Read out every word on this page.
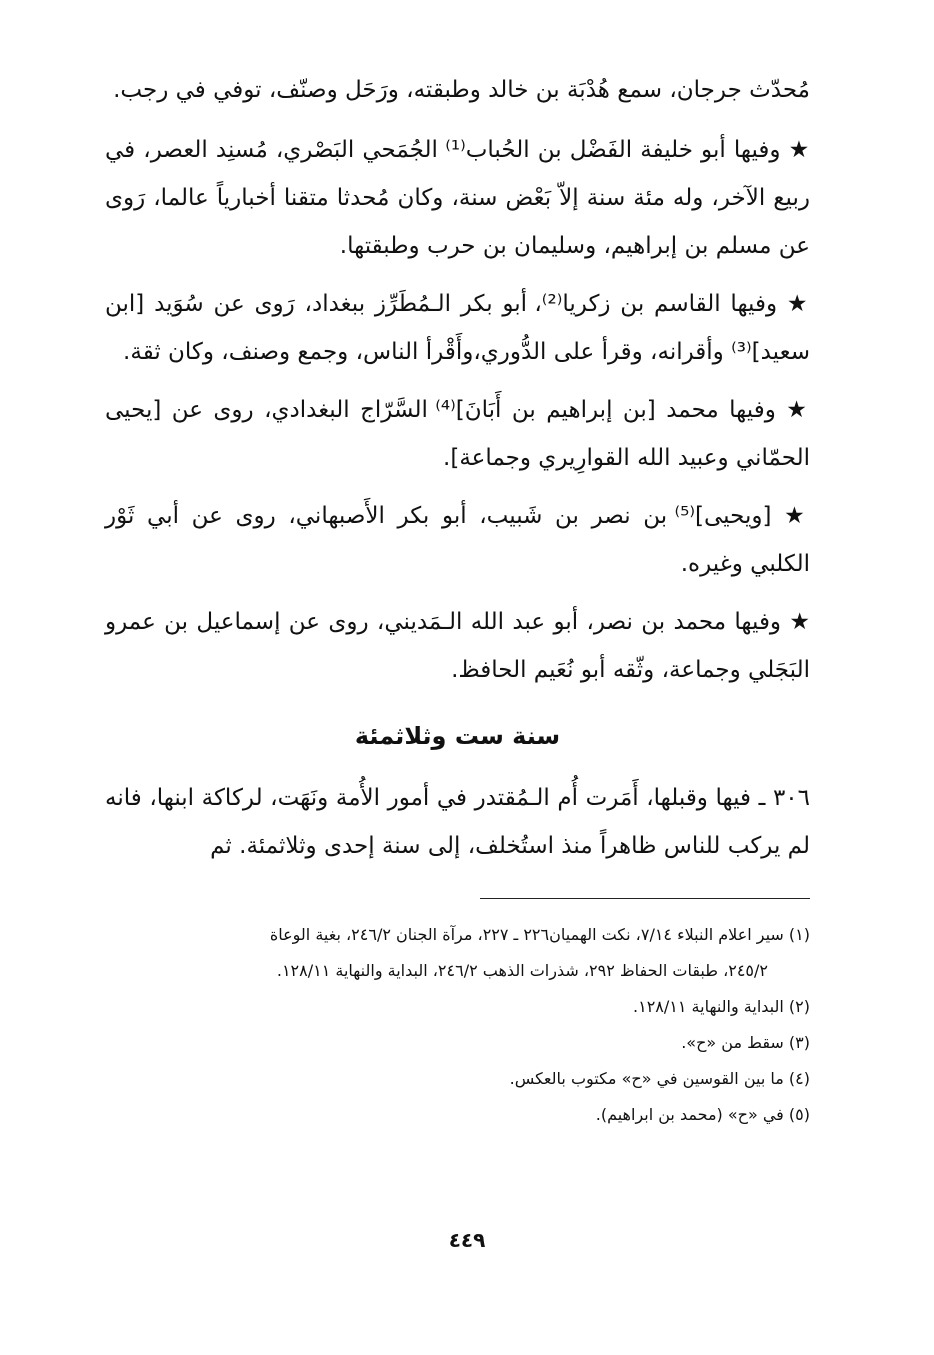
مُحدّث جرجان، سمع هُدْبَة بن خالد وطبقته، ورَحَل وصنّف، توفي في رجب.

★ وفيها أبو خليفة الفَضْل بن الحُباب⁽¹⁾ الجُمَحي البَصْري، مُسنِد العصر، في ربيع الآخر، وله مئة سنة إلاّ بَعْض سنة، وكان مُحدثا متقنا أخبارياً عالما، رَوى عن مسلم بن إبراهيم، وسليمان بن حرب وطبقتها.

★ وفيها القاسم بن زكريا⁽²⁾، أبو بكر الـمُطَرِّز ببغداد، رَوى عن سُوَيد [ابن سعيد]⁽³⁾ وأقرانه، وقرأ على الدُّوري،وأَقْرأ الناس، وجمع وصنف، وكان ثقة.

★ وفيها محمد [بن إبراهيم بن أَبَانَ]⁽⁴⁾ السَّرّاج البغدادي، روى عن [يحيى الحمّاني وعبيد الله القوارِيري وجماعة].

★ [ويحيى]⁽⁵⁾ بن نصر بن شَبيب، أبو بكر الأَصبهاني، روى عن أبي ثَوْر الكلبي وغيره.

★ وفيها محمد بن نصر، أبو عبد الله الـمَديني، روى عن إسماعيل بن عمرو البَجَلي وجماعة، وثّقه أبو نُعَيم الحافظ.

سنة ست وثلاثمئة

٣٠٦ ـ فيها وقبلها، أَمَرت أُم الـمُقتدر في أمور الأُمة ونَهَت، لركاكة ابنها، فانه لم يركب للناس ظاهراً منذ استُخلف، إلى سنة إحدى وثلاثمئة. ثم

(١) سير اعلام النبلاء ٧/١٤، نكت الهميان٢٢٦ ـ ٢٢٧، مرآة الجنان ٢٤٦/٢، بغية الوعاة

٢٤٥/٢، طبقات الحفاظ ٢٩٢، شذرات الذهب ٢٤٦/٢، البداية والنهاية ١٢٨/١١.

(٢) البداية والنهاية ١٢٨/١١.

(٣) سقط من «ح».

(٤) ما بين القوسين في «ح» مكتوب بالعكس.

(٥) في «ح» (محمد بن ابراهيم).

٤٤٩
